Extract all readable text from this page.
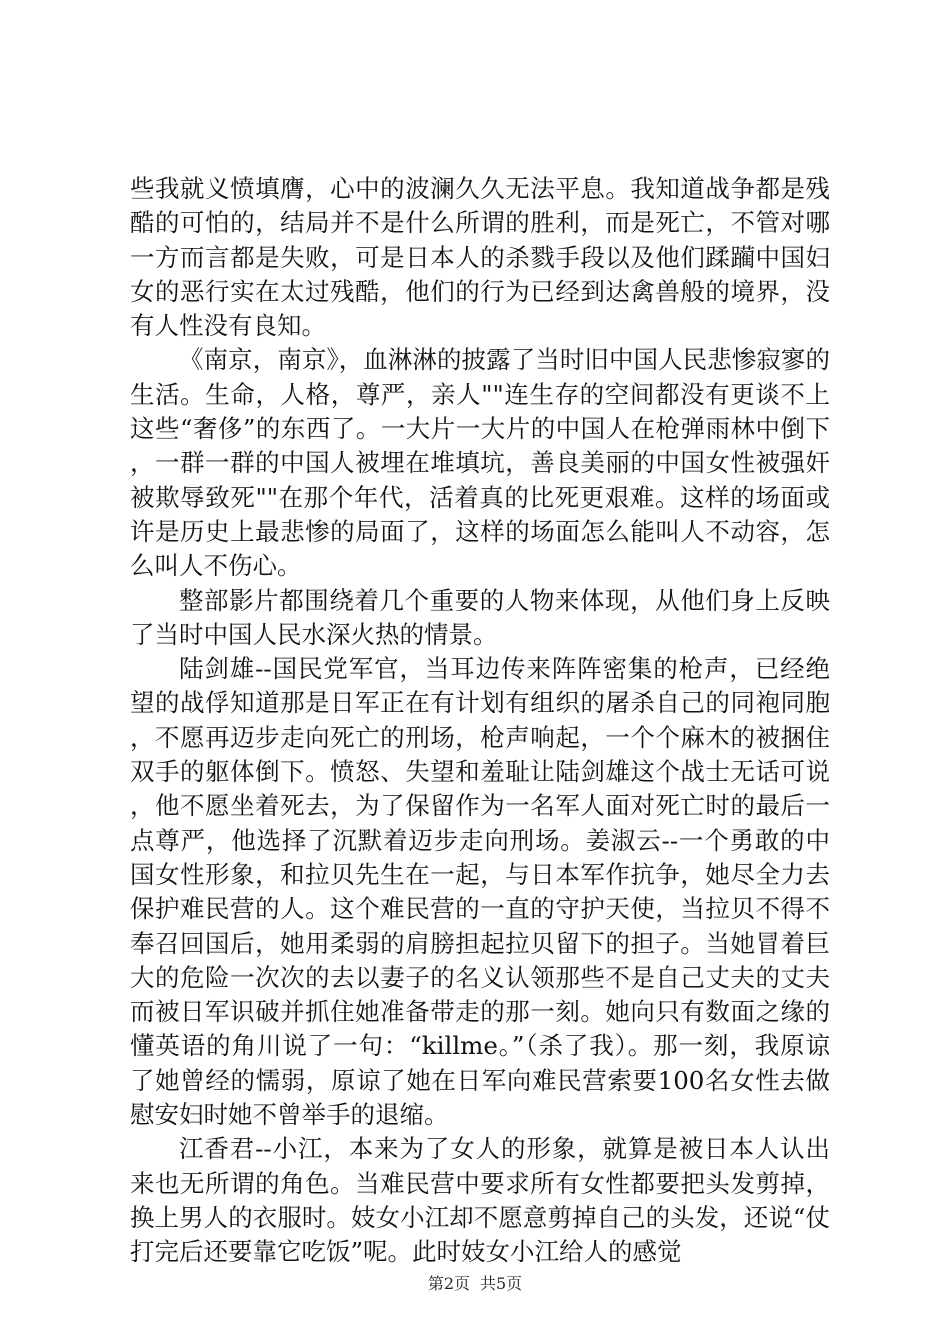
些我就义愤填膺，心中的波澜久久无法平息。我知道战争都是残酷的可怕的，结局并不是什么所谓的胜利，而是死亡，不管对哪一方而言都是失败，可是日本人的杀戮手段以及他们蹂躏中国妇女的恶行实在太过残酷，他们的行为已经到达禽兽般的境界，没有人性没有良知。

《南京，南京》，血淋淋的披露了当时旧中国人民悲惨寂寥的生活。生命，人格，尊严，亲人""连生存的空间都没有更谈不上这些“奢侈”的东西了。一大片一大片的中国人在枪弹雨林中倒下，一群一群的中国人被埋在堆填坑，善良美丽的中国女性被强奸被欺辱致死""在那个年代，活着真的比死更艰难。这样的场面或许是历史上最悲惨的局面了，这样的场面怎么能叫人不动容，怎么叫人不伤心。

整部影片都围绕着几个重要的人物来体现，从他们身上反映了当时中国人民水深火热的情景。

陆剑雄--国民党军官，当耳边传来阵阵密集的枪声，已经绝望的战俘知道那是日军正在有计划有组织的屠杀自己的同袍同胞，不愿再迈步走向死亡的刑场，枪声响起，一个个麻木的被捆住双手的躯体倒下。愤怒、失望和羞耻让陆剑雄这个战士无话可说，他不愿坐着死去，为了保留作为一名军人面对死亡时的最后一点尊严，他选择了沉默着迈步走向刑场。姜淑云--一个勇敢的中国女性形象，和拉贝先生在一起，与日本军作抗争，她尽全力去保护难民营的人。这个难民营的一直的守护天使，当拉贝不得不奉召回国后，她用柔弱的肩膀担起拉贝留下的担子。当她冒着巨大的危险一次次的去以妻子的名义认领那些不是自己丈夫的丈夫而被日军识破并抓住她准备带走的那一刻。她向只有数面之缘的懂英语的角川说了一句：“killme。”（杀了我）。那一刻，我原谅了她曾经的懦弱，原谅了她在日军向难民营索要100名女性去做慰安妇时她不曾举手的退缩。

江香君--小江，本来为了女人的形象，就算是被日本人认出来也无所谓的角色。当难民营中要求所有女性都要把头发剪掉，换上男人的衣服时。妓女小江却不愿意剪掉自己的头发，还说“仗打完后还要靠它吃饭”呢。此时妓女小江给人的感觉

第2页 共5页
